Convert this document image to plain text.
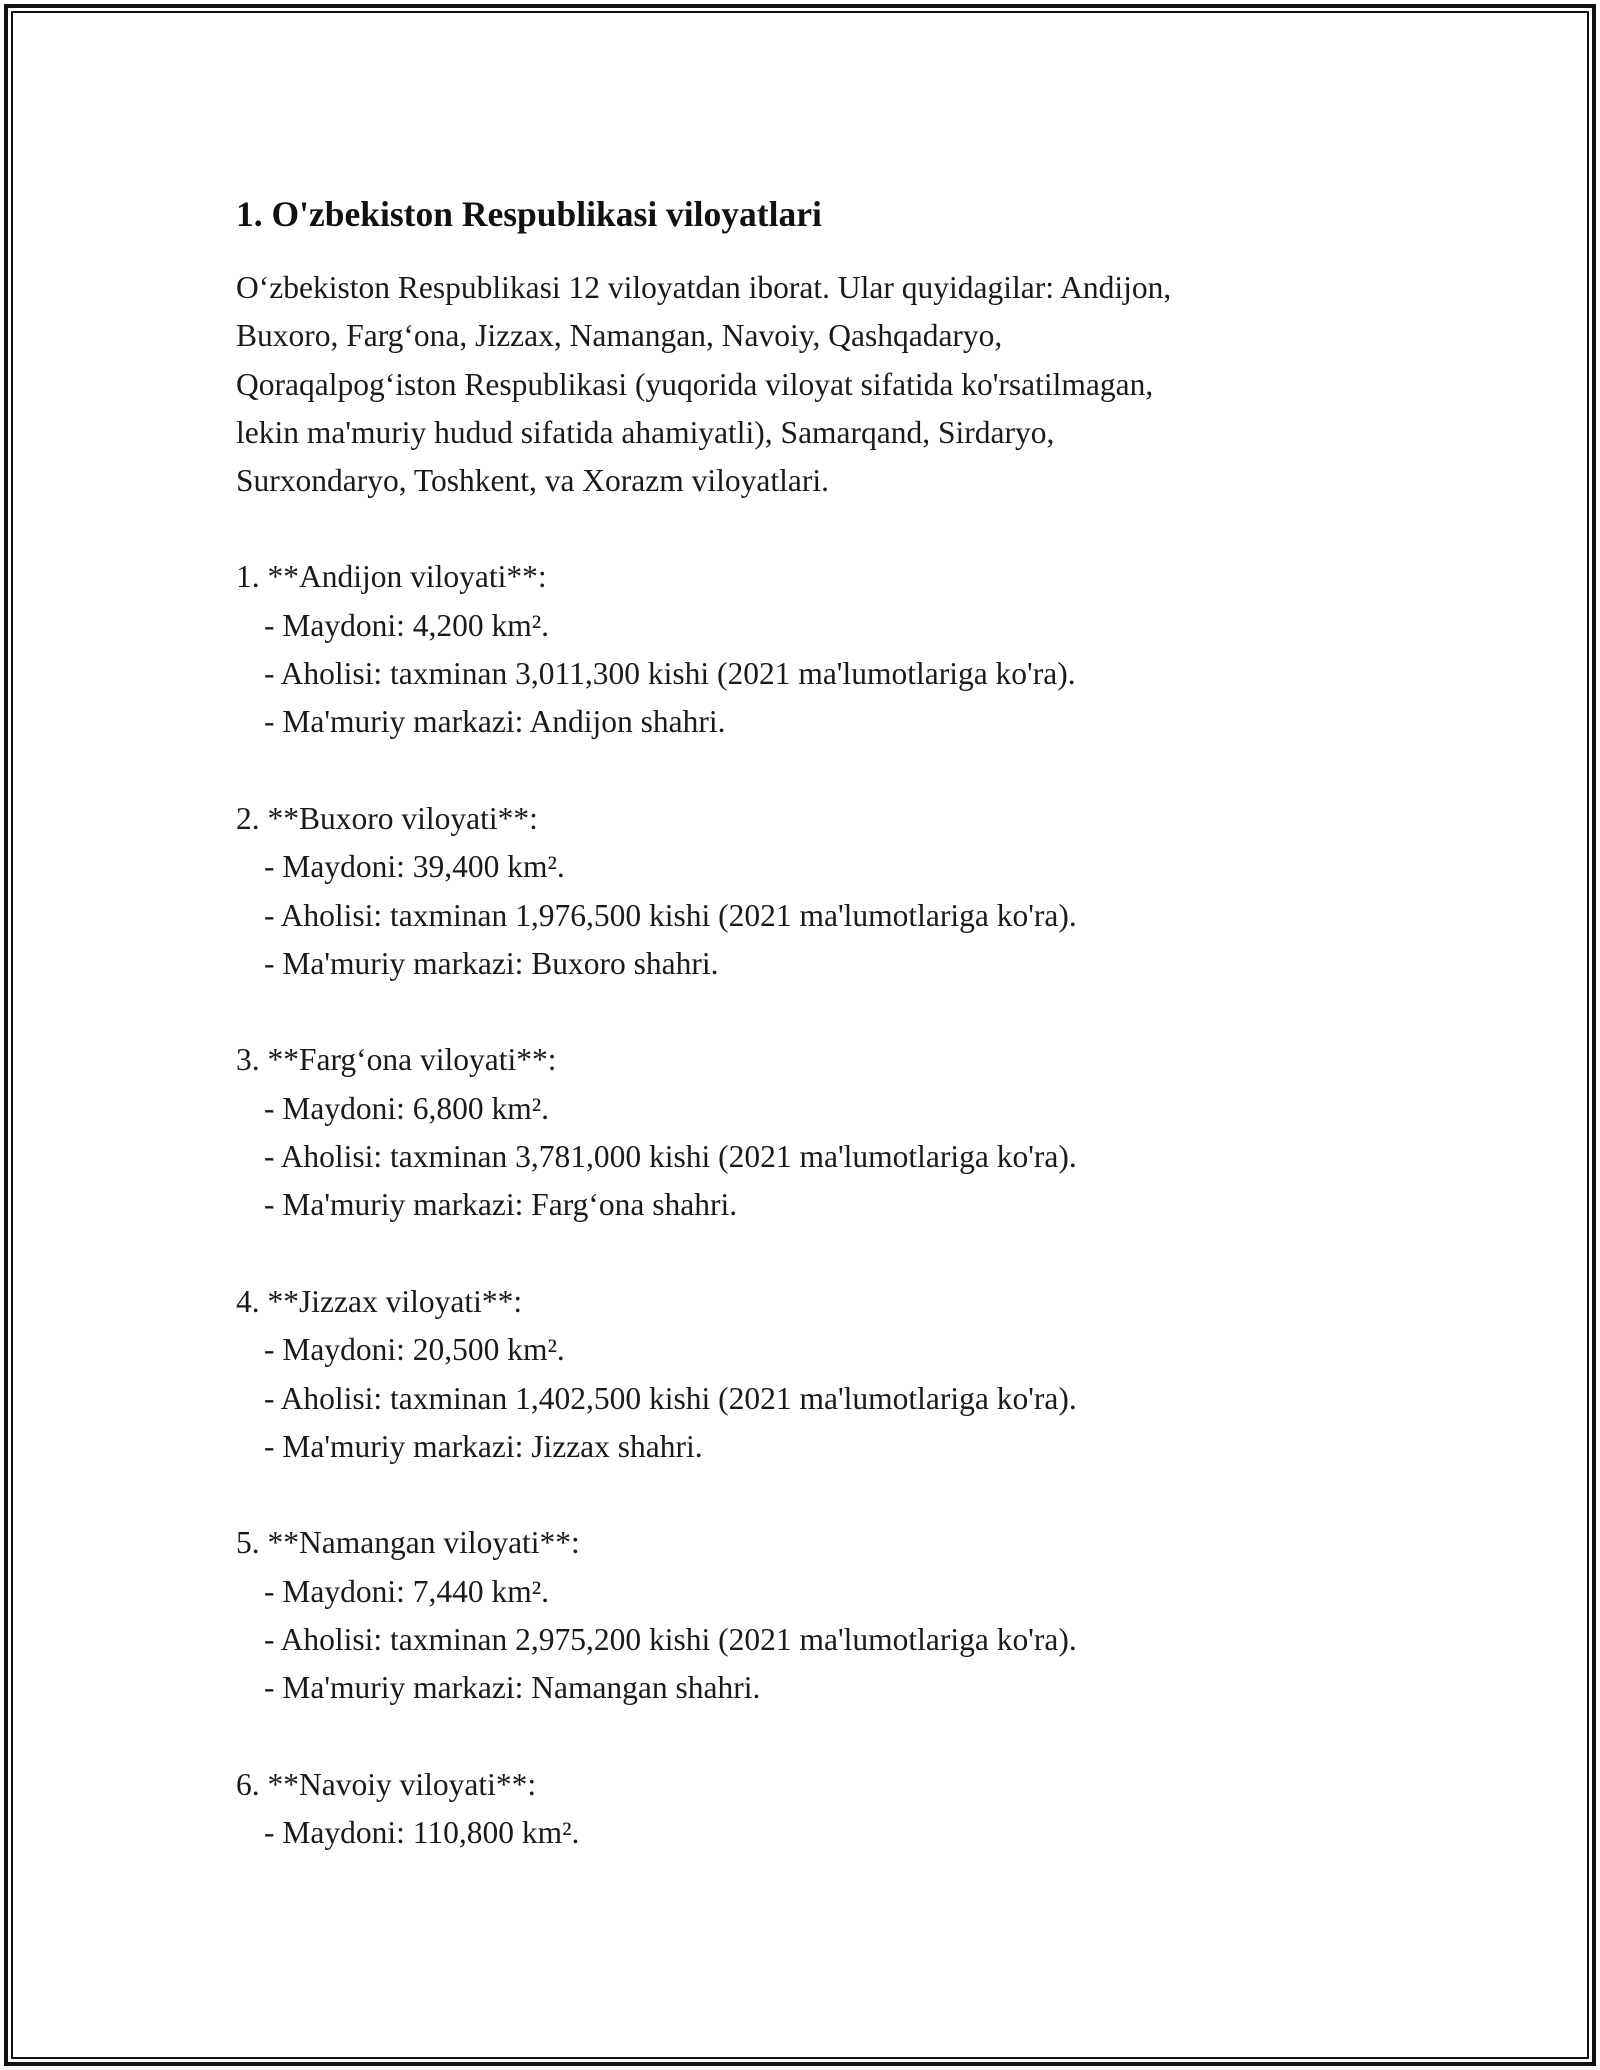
1. O'zbekiston Respublikasi viloyatlari

O‘zbekiston Respublikasi 12 viloyatdan iborat. Ular quyidagilar: Andijon,
Buxoro, Farg‘ona, Jizzax, Namangan, Navoiy, Qashqadaryo,
Qoraqalpog‘iston Respublikasi (yuqorida viloyat sifatida ko'rsatilmagan,
lekin ma'muriy hudud sifatida ahamiyatli), Samarqand, Sirdaryo,
Surxondaryo, Toshkent, va Xorazm viloyatlari.

1. **Andijon viloyati**:

- Maydoni: 4,200 km².

- Aholisi: taxminan 3,011,300 kishi (2021 ma'lumotlariga ko'ra).

- Ma'muriy markazi: Andijon shahri.

2. **Buxoro viloyati**:

- Maydoni: 39,400 km².

- Aholisi: taxminan 1,976,500 kishi (2021 ma'lumotlariga ko'ra).

- Ma'muriy markazi: Buxoro shahri.

3. **Farg‘ona viloyati**:

- Maydoni: 6,800 km².

- Aholisi: taxminan 3,781,000 kishi (2021 ma'lumotlariga ko'ra).

- Ma'muriy markazi: Farg‘ona shahri.

4. **Jizzax viloyati**:

- Maydoni: 20,500 km².

- Aholisi: taxminan 1,402,500 kishi (2021 ma'lumotlariga ko'ra).

- Ma'muriy markazi: Jizzax shahri.

5. **Namangan viloyati**:

- Maydoni: 7,440 km².

- Aholisi: taxminan 2,975,200 kishi (2021 ma'lumotlariga ko'ra).

- Ma'muriy markazi: Namangan shahri.

6. **Navoiy viloyati**:

- Maydoni: 110,800 km².
